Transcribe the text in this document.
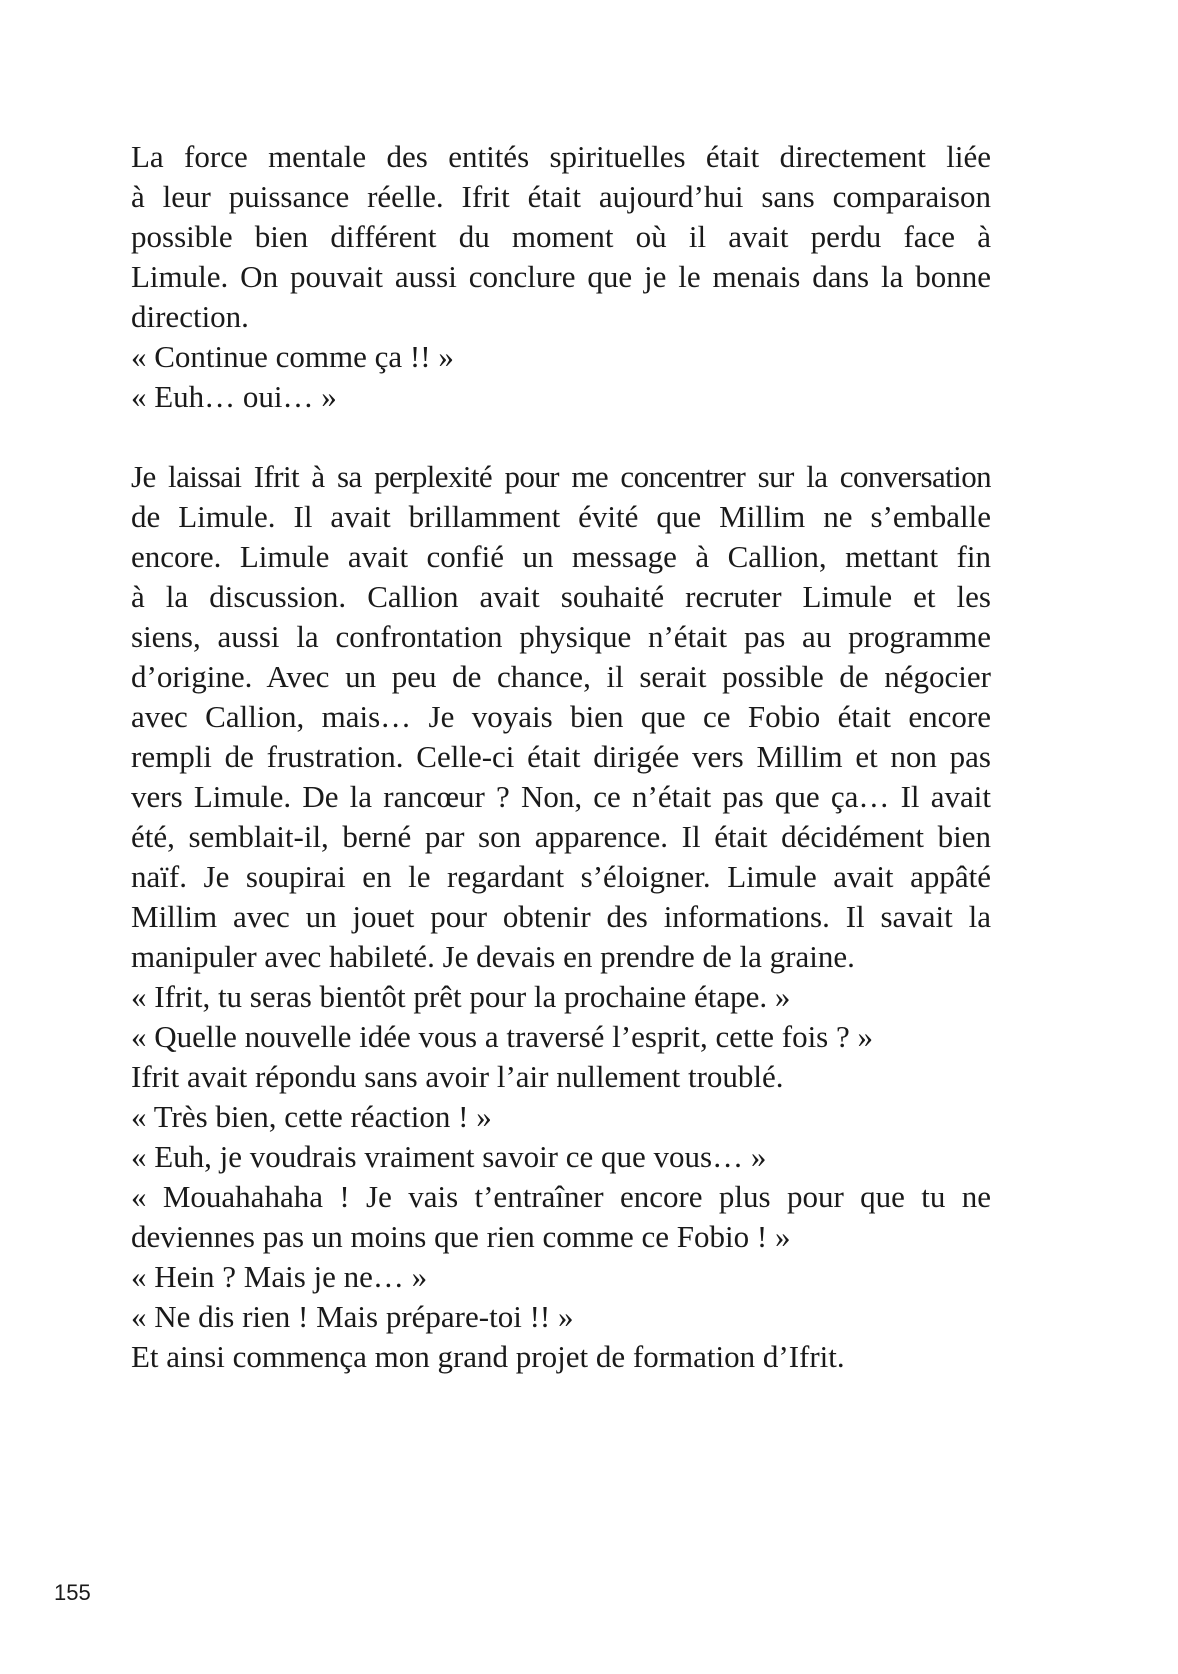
La force mentale des entités spirituelles était directement liée
à leur puissance réelle. Ifrit était aujourd’hui sans comparaison
possible bien différent du moment où il avait perdu face à
Limule. On pouvait aussi conclure que je le menais dans la bonne
direction.
« Continue comme ça !! »
« Euh… oui… »
Je laissai Ifrit à sa perplexité pour me concentrer sur la conversation
de Limule. Il avait brillamment évité que Millim ne s’emballe
encore. Limule avait confié un message à Callion, mettant fin
à la discussion. Callion avait souhaité recruter Limule et les
siens, aussi la confrontation physique n’était pas au programme
d’origine. Avec un peu de chance, il serait possible de négocier
avec Callion, mais… Je voyais bien que ce Fobio était encore
rempli de frustration. Celle-ci était dirigée vers Millim et non pas
vers Limule. De la rancœur ? Non, ce n’était pas que ça… Il avait
été, semblait-il, berné par son apparence. Il était décidément bien
naïf. Je soupirai en le regardant s’éloigner. Limule avait appâté
Millim avec un jouet pour obtenir des informations. Il savait la
manipuler avec habileté. Je devais en prendre de la graine.
« Ifrit, tu seras bientôt prêt pour la prochaine étape. »
« Quelle nouvelle idée vous a traversé l’esprit, cette fois ? »
Ifrit avait répondu sans avoir l’air nullement troublé.
« Très bien, cette réaction ! »
« Euh, je voudrais vraiment savoir ce que vous… »
« Mouahahaha ! Je vais t’entraîner encore plus pour que tu ne
deviennes pas un moins que rien comme ce Fobio ! »
« Hein ? Mais je ne… »
« Ne dis rien ! Mais prépare-toi !! »
Et ainsi commença mon grand projet de formation d’Ifrit.
155
